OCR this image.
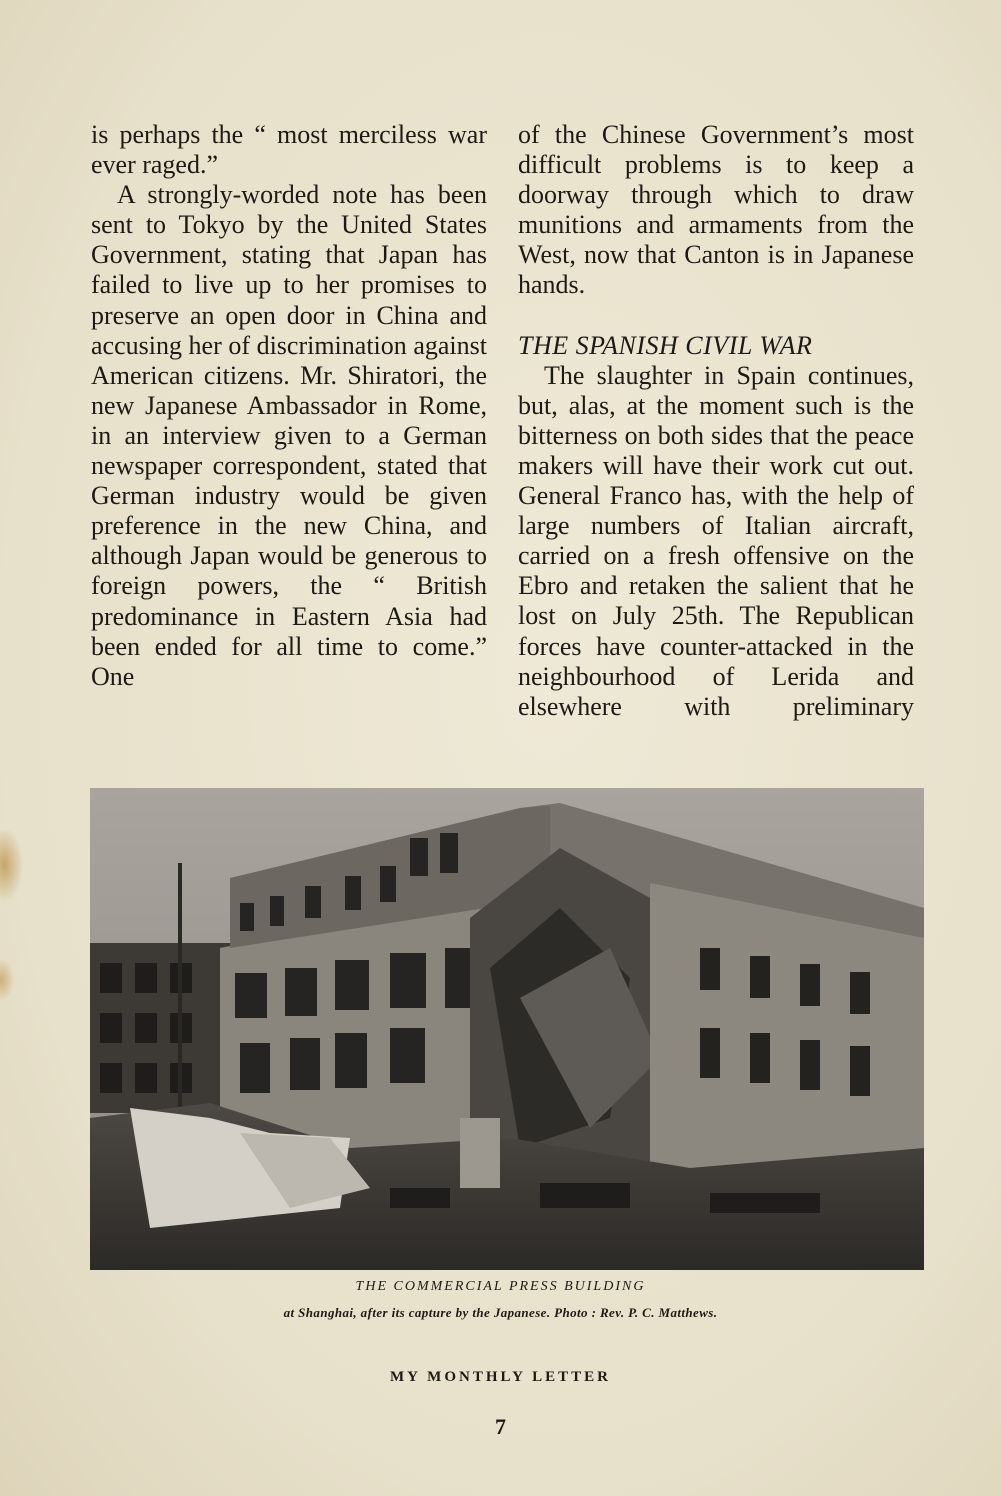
is perhaps the “ most merciless war ever raged.”

A strongly-worded note has been sent to Tokyo by the United States Government, stating that Japan has failed to live up to her promises to preserve an open door in China and accusing her of discrimination against American citizens. Mr. Shiratori, the new Japanese Ambassador in Rome, in an interview given to a German newspaper correspondent, stated that German industry would be given preference in the new China, and although Japan would be generous to foreign powers, the “ British predominance in Eastern Asia had been ended for all time to come.” One

of the Chinese Government’s most difficult problems is to keep a doorway through which to draw munitions and armaments from the West, now that Canton is in Japanese hands.

THE SPANISH CIVIL WAR

The slaughter in Spain continues, but, alas, at the moment such is the bitterness on both sides that the peace makers will have their work cut out. General Franco has, with the help of large numbers of Italian aircraft, carried on a fresh offensive on the Ebro and retaken the salient that he lost on July 25th. The Republican forces have counter-attacked in the neighbourhood of Lerida and elsewhere with preliminary

THE COMMERCIAL PRESS BUILDING

at Shanghai, after its capture by the Japanese. Photo : Rev. P. C. Matthews.

MY MONTHLY LETTER

7
